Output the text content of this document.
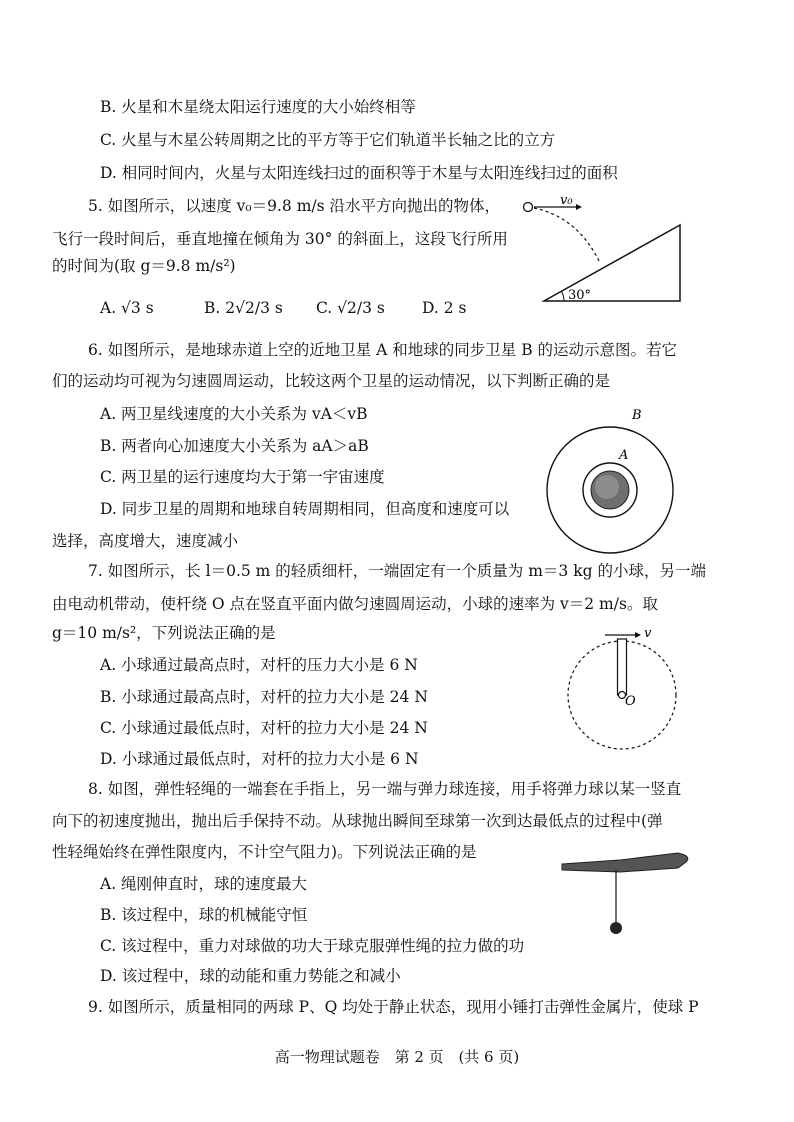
B. 火星和木星绕太阳运行速度的大小始终相等
C. 火星与木星公转周期之比的平方等于它们轨道半长轴之比的立方
D. 相同时间内，火星与太阳连线扫过的面积等于木星与太阳连线扫过的面积
5. 如图所示，以速度 v₀＝9.8 m/s 沿水平方向抛出的物体，
飞行一段时间后，垂直地撞在倾角为 30° 的斜面上，这段飞行所用
的时间为(取 g＝9.8 m/s²)
A. √3 s	B. 2√2/3 s C. √2/3 s D. 2 s
v₀
30°
6. 如图所示，是地球赤道上空的近地卫星 A 和地球的同步卫星 B 的运动示意图。若它
们的运动均可视为匀速圆周运动，比较这两个卫星的运动情况，以下判断正确的是
A. 两卫星线速度的大小关系为 vA＜vB
B. 两者向心加速度大小关系为 aA＞aB
C. 两卫星的运行速度均大于第一宇宙速度
D. 同步卫星的周期和地球自转周期相同，但高度和速度可以
选择，高度增大，速度减小
A
B
7. 如图所示，长 l＝0.5 m 的轻质细杆，一端固定有一个质量为 m＝3 kg 的小球，另一端
由电动机带动，使杆绕 O 点在竖直平面内做匀速圆周运动，小球的速率为 v＝2 m/s。取
g＝10 m/s²，下列说法正确的是
A. 小球通过最高点时，对杆的压力大小是 6 N
B. 小球通过最高点时，对杆的拉力大小是 24 N
C. 小球通过最低点时，对杆的拉力大小是 24 N
D. 小球通过最低点时，对杆的拉力大小是 6 N
v
O
8. 如图，弹性轻绳的一端套在手指上，另一端与弹力球连接，用手将弹力球以某一竖直
向下的初速度抛出，抛出后手保持不动。从球抛出瞬间至球第一次到达最低点的过程中(弹
性轻绳始终在弹性限度内，不计空气阻力)。下列说法正确的是
A. 绳刚伸直时，球的速度最大
B. 该过程中，球的机械能守恒
C. 该过程中，重力对球做的功大于球克服弹性绳的拉力做的功
D. 该过程中，球的动能和重力势能之和减小
9. 如图所示，质量相同的两球 P、Q 均处于静止状态，现用小锤打击弹性金属片，使球 P
高一物理试题卷 第 2 页 (共 6 页)
